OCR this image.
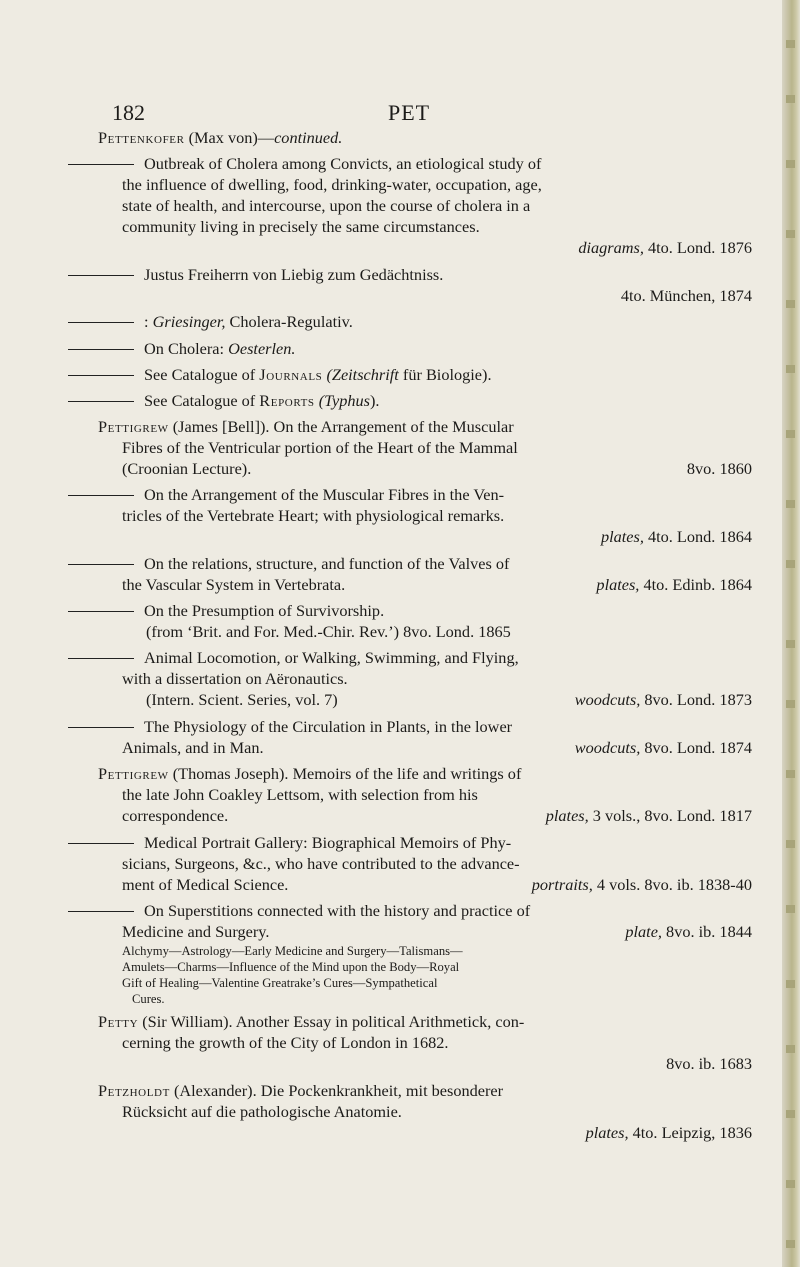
182	PET
Pettenkofer (Max von)—continued.
Outbreak of Cholera among Convicts, an etiological study of
the influence of dwelling, food, drinking-water, occupation, age,
state of health, and intercourse, upon the course of cholera in a
community living in precisely the same circumstances.
diagrams, 4to. Lond. 1876
Justus Freiherrn von Liebig zum Gedächtniss.
4to. München, 1874
: Griesinger, Cholera-Regulativ.
On Cholera: Oesterlen.
See Catalogue of Journals (Zeitschrift für Biologie).
See Catalogue of Reports (Typhus).
Pettigrew (James [Bell]). On the Arrangement of the Muscular
Fibres of the Ventricular portion of the Heart of the Mammal
8vo. 1860
(Croonian Lecture).
On the Arrangement of the Muscular Fibres in the Ven-
tricles of the Vertebrate Heart; with physiological remarks.
plates, 4to. Lond. 1864
On the relations, structure, and function of the Valves of
plates, 4to. Edinb. 1864
the Vascular System in Vertebrata.
On the Presumption of Survivorship.
(from ‘Brit. and For. Med.-Chir. Rev.’) 8vo. Lond. 1865
Animal Locomotion, or Walking, Swimming, and Flying,
with a dissertation on Aëronautics.
woodcuts, 8vo. Lond. 1873
(Intern. Scient. Series, vol. 7)
The Physiology of the Circulation in Plants, in the lower
woodcuts, 8vo. Lond. 1874
Animals, and in Man.
Pettigrew (Thomas Joseph). Memoirs of the life and writings of
the late John Coakley Lettsom, with selection from his
plates, 3 vols., 8vo. Lond. 1817
correspondence.
Medical Portrait Gallery: Biographical Memoirs of Phy-
sicians, Surgeons, &c., who have contributed to the advance-
portraits, 4 vols. 8vo. ib. 1838-40
ment of Medical Science.
On Superstitions connected with the history and practice of
plate, 8vo. ib. 1844
Medicine and Surgery.
Alchymy—Astrology—Early Medicine and Surgery—Talismans—
Amulets—Charms—Influence of the Mind upon the Body—Royal
Gift of Healing—Valentine Greatrake’s Cures—Sympathetical
Cures.
Petty (Sir William). Another Essay in political Arithmetick, con-
cerning the growth of the City of London in 1682.
8vo. ib. 1683
Petzholdt (Alexander). Die Pockenkrankheit, mit besonderer
Rücksicht auf die pathologische Anatomie.
plates, 4to. Leipzig, 1836
